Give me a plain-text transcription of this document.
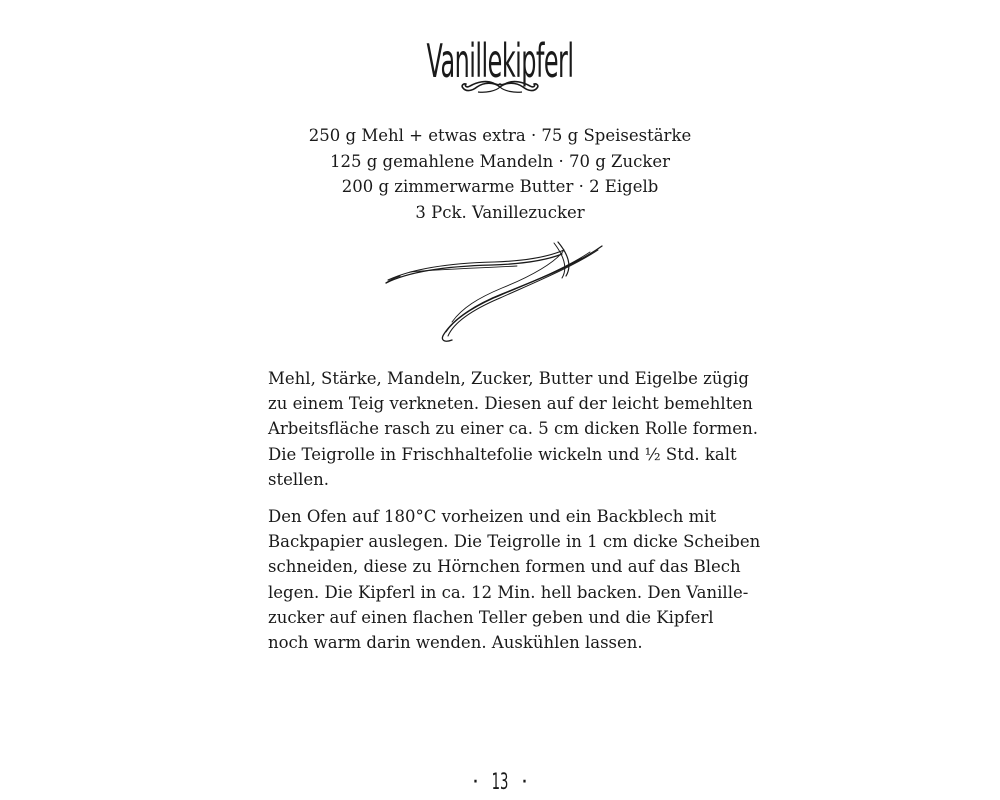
Vanillekipferl
250 g Mehl + etwas extra · 75 g Speisestärke
125 g gemahlene Mandeln · 70 g Zucker
200 g zimmerwarme Butter · 2 Eigelb
3 Pck. Vanillezucker

Mehl, Stärke, Mandeln, Zucker, Butter und Eigelbe zügig
zu einem Teig verkneten. Diesen auf der leicht bemehlten
Arbeitsfläche rasch zu einer ca. 5 cm dicken Rolle formen.
Die Teigrolle in Frischhaltefolie wickeln und ½ Std. kalt
stellen.

Den Ofen auf 180°C vorheizen und ein Backblech mit
Backpapier auslegen. Die Teigrolle in 1 cm dicke Scheiben
schneiden, diese zu Hörnchen formen und auf das Blech
legen. Die Kipferl in ca. 12 Min. hell backen. Den Vanille-
zucker auf einen flachen Teller geben und die Kipferl
noch warm darin wenden. Auskühlen lassen.

· 13 ·
